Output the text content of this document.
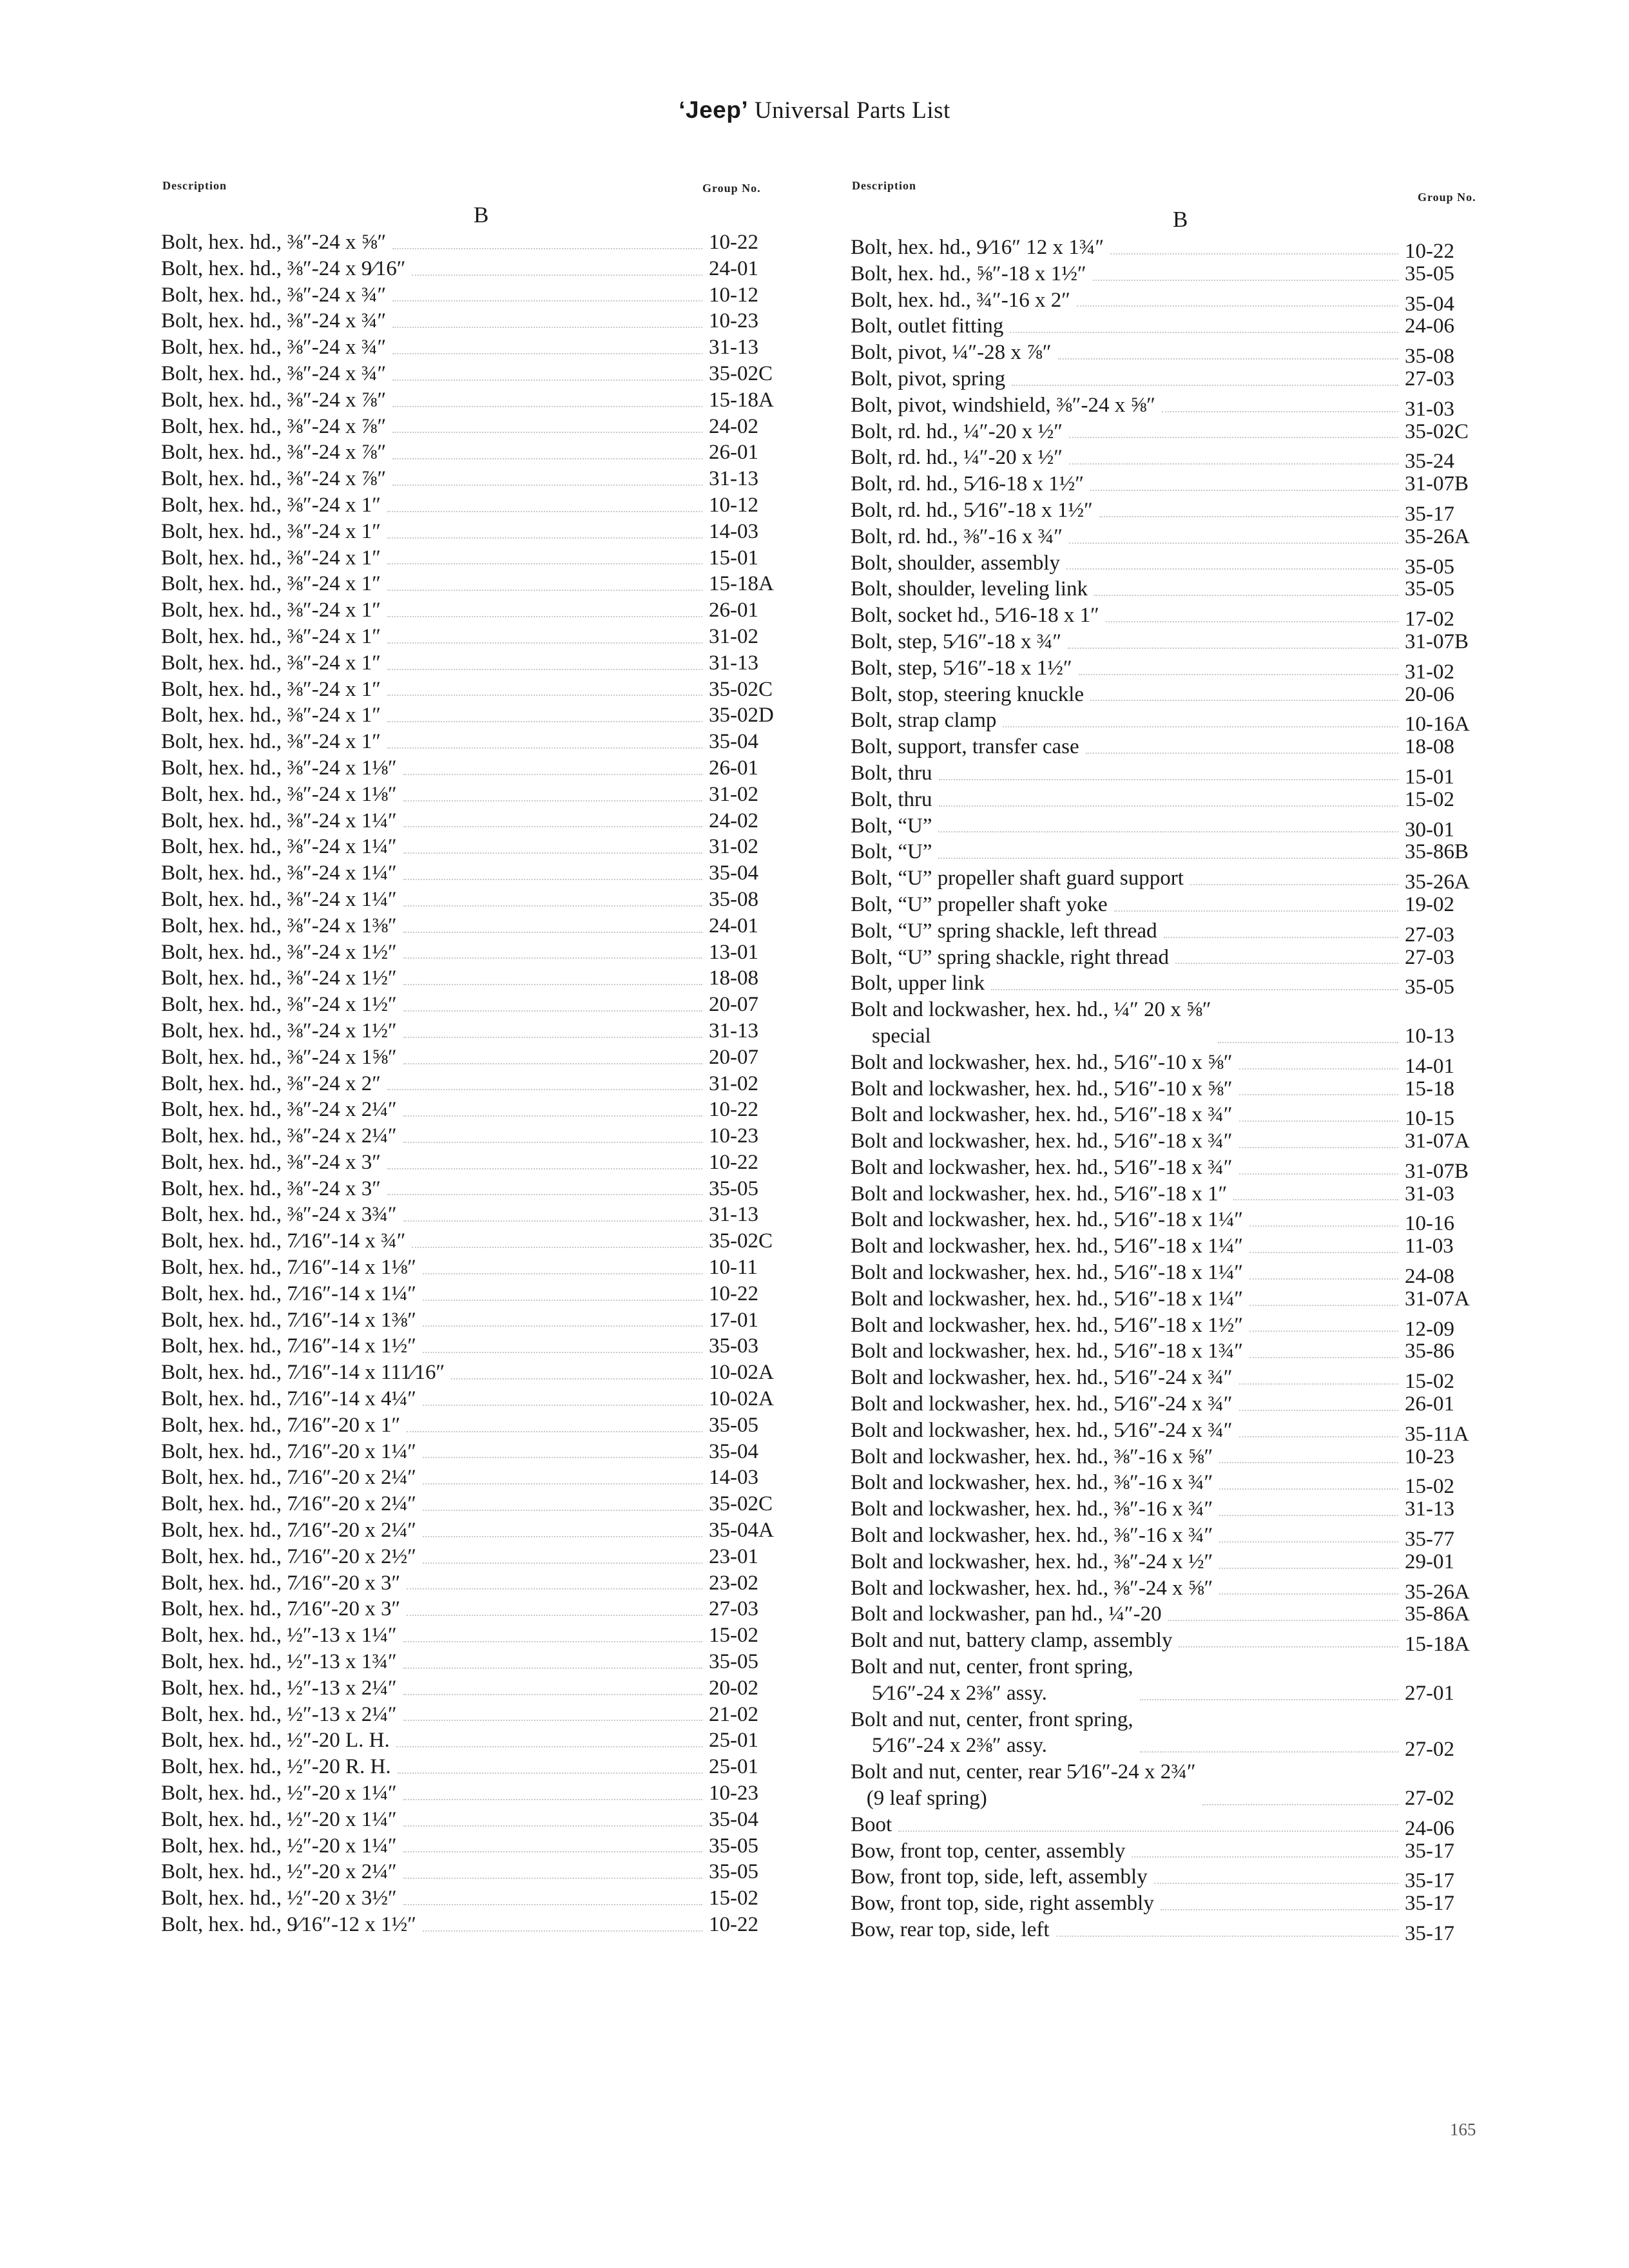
‘Jeep’ Universal Parts List
Description	Group No.
B
Bolt, hex. hd., ⅜″-24 x ⅝″	10-22
Bolt, hex. hd., ⅜″-24 x 9⁄16″	24-01
Bolt, hex. hd., ⅜″-24 x ¾″	10-12
Bolt, hex. hd., ⅜″-24 x ¾″	10-23
Bolt, hex. hd., ⅜″-24 x ¾″	31-13
Bolt, hex. hd., ⅜″-24 x ¾″	35-02C
Bolt, hex. hd., ⅜″-24 x ⅞″	15-18A
Bolt, hex. hd., ⅜″-24 x ⅞″	24-02
Bolt, hex. hd., ⅜″-24 x ⅞″	26-01
Bolt, hex. hd., ⅜″-24 x ⅞″	31-13
Bolt, hex. hd., ⅜″-24 x 1″	10-12
Bolt, hex. hd., ⅜″-24 x 1″	14-03
Bolt, hex. hd., ⅜″-24 x 1″	15-01
Bolt, hex. hd., ⅜″-24 x 1″	15-18A
Bolt, hex. hd., ⅜″-24 x 1″	26-01
Bolt, hex. hd., ⅜″-24 x 1″	31-02
Bolt, hex. hd., ⅜″-24 x 1″	31-13
Bolt, hex. hd., ⅜″-24 x 1″	35-02C
Bolt, hex. hd., ⅜″-24 x 1″	35-02D
Bolt, hex. hd., ⅜″-24 x 1″	35-04
Bolt, hex. hd., ⅜″-24 x 1⅛″	26-01
Bolt, hex. hd., ⅜″-24 x 1⅛″	31-02
Bolt, hex. hd., ⅜″-24 x 1¼″	24-02
Bolt, hex. hd., ⅜″-24 x 1¼″	31-02
Bolt, hex. hd., ⅜″-24 x 1¼″	35-04
Bolt, hex. hd., ⅜″-24 x 1¼″	35-08
Bolt, hex. hd., ⅜″-24 x 1⅜″	24-01
Bolt, hex. hd., ⅜″-24 x 1½″	13-01
Bolt, hex. hd., ⅜″-24 x 1½″	18-08
Bolt, hex. hd., ⅜″-24 x 1½″	20-07
Bolt, hex. hd., ⅜″-24 x 1½″	31-13
Bolt, hex. hd., ⅜″-24 x 1⅝″	20-07
Bolt, hex. hd., ⅜″-24 x 2″	31-02
Bolt, hex. hd., ⅜″-24 x 2¼″	10-22
Bolt, hex. hd., ⅜″-24 x 2¼″	10-23
Bolt, hex. hd., ⅜″-24 x 3″	10-22
Bolt, hex. hd., ⅜″-24 x 3″	35-05
Bolt, hex. hd., ⅜″-24 x 3¾″	31-13
Bolt, hex. hd., 7⁄16″-14 x ¾″	35-02C
Bolt, hex. hd., 7⁄16″-14 x 1⅛″	10-11
Bolt, hex. hd., 7⁄16″-14 x 1¼″	10-22
Bolt, hex. hd., 7⁄16″-14 x 1⅜″	17-01
Bolt, hex. hd., 7⁄16″-14 x 1½″	35-03
Bolt, hex. hd., 7⁄16″-14 x 111⁄16″	10-02A
Bolt, hex. hd., 7⁄16″-14 x 4¼″	10-02A
Bolt, hex. hd., 7⁄16″-20 x 1″	35-05
Bolt, hex. hd., 7⁄16″-20 x 1¼″	35-04
Bolt, hex. hd., 7⁄16″-20 x 2¼″	14-03
Bolt, hex. hd., 7⁄16″-20 x 2¼″	35-02C
Bolt, hex. hd., 7⁄16″-20 x 2¼″	35-04A
Bolt, hex. hd., 7⁄16″-20 x 2½″	23-01
Bolt, hex. hd., 7⁄16″-20 x 3″	23-02
Bolt, hex. hd., 7⁄16″-20 x 3″	27-03
Bolt, hex. hd., ½″-13 x 1¼″	15-02
Bolt, hex. hd., ½″-13 x 1¾″	35-05
Bolt, hex. hd., ½″-13 x 2¼″	20-02
Bolt, hex. hd., ½″-13 x 2¼″	21-02
Bolt, hex. hd., ½″-20 L. H.	25-01
Bolt, hex. hd., ½″-20 R. H.	25-01
Bolt, hex. hd., ½″-20 x 1¼″	10-23
Bolt, hex. hd., ½″-20 x 1¼″	35-04
Bolt, hex. hd., ½″-20 x 1¼″	35-05
Bolt, hex. hd., ½″-20 x 2¼″	35-05
Bolt, hex. hd., ½″-20 x 3½″	15-02
Bolt, hex. hd., 9⁄16″-12 x 1½″	10-22
Description
Group No.
B
Bolt, hex. hd., 9⁄16″ 12 x 1¾″	10-22
Bolt, hex. hd., ⅝″-18 x 1½″	35-05
Bolt, hex. hd., ¾″-16 x 2″	35-04
Bolt, outlet fitting	24-06
Bolt, pivot, ¼″-28 x ⅞″	35-08
Bolt, pivot, spring	27-03
Bolt, pivot, windshield, ⅜″-24 x ⅝″	31-03
Bolt, rd. hd., ¼″-20 x ½″	35-02C
Bolt, rd. hd., ¼″-20 x ½″	35-24
Bolt, rd. hd., 5⁄16-18 x 1½″	31-07B
Bolt, rd. hd., 5⁄16″-18 x 1½″	35-17
Bolt, rd. hd., ⅜″-16 x ¾″	35-26A
Bolt, shoulder, assembly	35-05
Bolt, shoulder, leveling link	35-05
Bolt, socket hd., 5⁄16-18 x 1″	17-02
Bolt, step, 5⁄16″-18 x ¾″	31-07B
Bolt, step, 5⁄16″-18 x 1½″	31-02
Bolt, stop, steering knuckle	20-06
Bolt, strap clamp	10-16A
Bolt, support, transfer case	18-08
Bolt, thru	15-01
Bolt, thru	15-02
Bolt, “U”	30-01
Bolt, “U”	35-86B
Bolt, “U” propeller shaft guard support	35-26A
Bolt, “U” propeller shaft yoke	19-02
Bolt, “U” spring shackle, left thread	27-03
Bolt, “U” spring shackle, right thread	27-03
Bolt, upper link	35-05
Bolt and lockwasher, hex. hd., ¼″ 20 x ⅝″
special	10-13
Bolt and lockwasher, hex. hd., 5⁄16″-10 x ⅝″	14-01
Bolt and lockwasher, hex. hd., 5⁄16″-10 x ⅝″	15-18
Bolt and lockwasher, hex. hd., 5⁄16″-18 x ¾″	10-15
Bolt and lockwasher, hex. hd., 5⁄16″-18 x ¾″	31-07A
Bolt and lockwasher, hex. hd., 5⁄16″-18 x ¾″	31-07B
Bolt and lockwasher, hex. hd., 5⁄16″-18 x 1″	31-03
Bolt and lockwasher, hex. hd., 5⁄16″-18 x 1¼″	10-16
Bolt and lockwasher, hex. hd., 5⁄16″-18 x 1¼″	11-03
Bolt and lockwasher, hex. hd., 5⁄16″-18 x 1¼″	24-08
Bolt and lockwasher, hex. hd., 5⁄16″-18 x 1¼″	31-07A
Bolt and lockwasher, hex. hd., 5⁄16″-18 x 1½″	12-09
Bolt and lockwasher, hex. hd., 5⁄16″-18 x 1¾″	35-86
Bolt and lockwasher, hex. hd., 5⁄16″-24 x ¾″	15-02
Bolt and lockwasher, hex. hd., 5⁄16″-24 x ¾″	26-01
Bolt and lockwasher, hex. hd., 5⁄16″-24 x ¾″	35-11A
Bolt and lockwasher, hex. hd., ⅜″-16 x ⅝″	10-23
Bolt and lockwasher, hex. hd., ⅜″-16 x ¾″	15-02
Bolt and lockwasher, hex. hd., ⅜″-16 x ¾″	31-13
Bolt and lockwasher, hex. hd., ⅜″-16 x ¾″	35-77
Bolt and lockwasher, hex. hd., ⅜″-24 x ½″	29-01
Bolt and lockwasher, hex. hd., ⅜″-24 x ⅝″	35-26A
Bolt and lockwasher, pan hd., ¼″-20	35-86A
Bolt and nut, battery clamp, assembly	15-18A
Bolt and nut, center, front spring,
5⁄16″-24 x 2⅜″ assy.	27-01
Bolt and nut, center, front spring,
5⁄16″-24 x 2⅜″ assy.	27-02
Bolt and nut, center, rear 5⁄16″-24 x 2¾″
(9 leaf spring)	27-02
Boot	24-06
Bow, front top, center, assembly	35-17
Bow, front top, side, left, assembly	35-17
Bow, front top, side, right assembly	35-17
Bow, rear top, side, left	35-17
165
